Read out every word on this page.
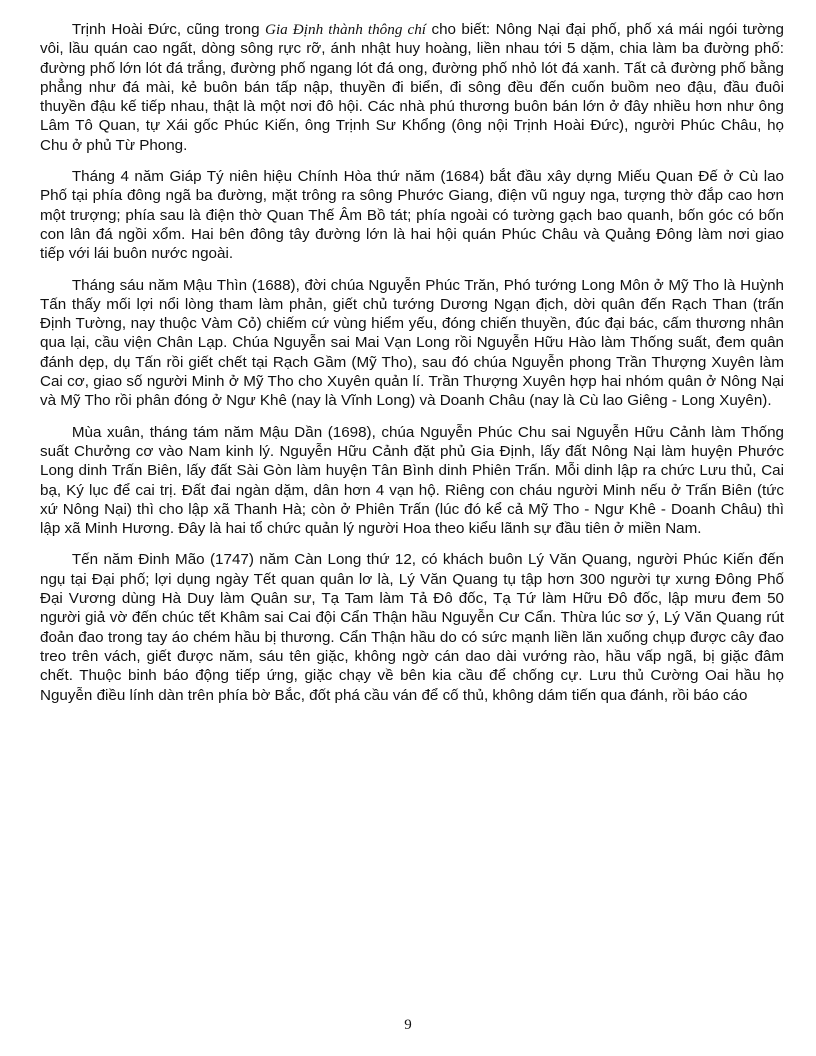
Trịnh Hoài Đức, cũng trong Gia Định thành thông chí cho biết: Nông Nại đại phố, phố xá mái ngói tường vôi, lầu quán cao ngất, dòng sông rực rỡ, ánh nhật huy hoàng, liền nhau tới 5 dặm, chia làm ba đường phố: đường phố lớn lót đá trắng, đường phố ngang lót đá ong, đường phố nhỏ lót đá xanh. Tất cả đường phố bằng phẳng như đá mài, kẻ buôn bán tấp nập, thuyền đi biển, đi sông đều đến cuốn buồm neo đậu, đầu đuôi thuyền đậu kế tiếp nhau, thật là một nơi đô hội. Các nhà phú thương buôn bán lớn ở đây nhiều hơn như ông Lâm Tô Quan, tự Xái gốc Phúc Kiến, ông Trịnh Sư Khổng (ông nội Trịnh Hoài Đức), người Phúc Châu, họ Chu ở phủ Từ Phong.

Tháng 4 năm Giáp Tý niên hiệu Chính Hòa thứ năm (1684) bắt đầu xây dựng Miếu Quan Đế ở Cù lao Phố tại phía đông ngã ba đường, mặt trông ra sông Phước Giang, điện vũ nguy nga, tượng thờ đắp cao hơn một trượng; phía sau là điện thờ Quan Thế Âm Bồ tát; phía ngoài có tường gạch bao quanh, bốn góc có bốn con lân đá ngồi xổm. Hai bên đông tây đường lớn là hai hội quán Phúc Châu và Quảng Đông làm nơi giao tiếp với lái buôn nước ngoài.

Tháng sáu năm Mậu Thìn (1688), đời chúa Nguyễn Phúc Trăn, Phó tướng Long Môn ở Mỹ Tho là Huỳnh Tấn thấy mối lợi nổi lòng tham làm phản, giết chủ tướng Dương Ngạn địch, dời quân đến Rạch Than (trấn Định Tường, nay thuộc Vàm Cỏ) chiếm cứ vùng hiểm yếu, đóng chiến thuyền, đúc đại bác, cấm thương nhân qua lại, cầu viện Chân Lạp. Chúa Nguyễn sai Mai Vạn Long rồi Nguyễn Hữu Hào làm Thống suất, đem quân đánh dẹp, dụ Tấn rồi giết chết tại Rạch Gầm (Mỹ Tho), sau đó chúa Nguyễn phong Trần Thượng Xuyên làm Cai cơ, giao số người Minh ở Mỹ Tho cho Xuyên quản lí. Trần Thượng Xuyên hợp hai nhóm quân ở Nông Nại và Mỹ Tho rồi phân đóng ở Ngư Khê (nay là Vĩnh Long) và Doanh Châu (nay là Cù lao Giêng - Long Xuyên).

Mùa xuân, tháng tám năm Mậu Dần (1698), chúa Nguyễn Phúc Chu sai Nguyễn Hữu Cảnh làm Thống suất Chưởng cơ vào Nam kinh lý. Nguyễn Hữu Cảnh đặt phủ Gia Định, lấy đất Nông Nại làm huyện Phước Long dinh Trấn Biên, lấy đất Sài Gòn làm huyện Tân Bình dinh Phiên Trấn. Mỗi dinh lập ra chức Lưu thủ, Cai bạ, Ký lục để cai trị. Đất đai ngàn dặm, dân hơn 4 vạn hộ. Riêng con cháu người Minh nếu ở Trấn Biên (tức xứ Nông Nại) thì cho lập xã Thanh Hà; còn ở Phiên Trấn (lúc đó kể cả Mỹ Tho - Ngư Khê - Doanh Châu) thì lập xã Minh Hương. Đây là hai tổ chức quản lý người Hoa theo kiểu lãnh sự đầu tiên ở miền Nam.

Tến năm Đinh Mão (1747) năm Càn Long thứ 12, có khách buôn Lý Văn Quang, người Phúc Kiến đến ngụ tại Đại phố; lợi dụng ngày Tết quan quân lơ là, Lý Văn Quang tụ tập hơn 300 người tự xưng Đông Phố Đại Vương dùng Hà Duy làm Quân sư, Tạ Tam làm Tả Đô đốc, Tạ Tứ làm Hữu Đô đốc, lập mưu đem 50 người giả vờ đến chúc tết Khâm sai Cai đội Cẩn Thận hầu Nguyễn Cư Cẩn. Thừa lúc sơ ý, Lý Văn Quang rút đoản đao trong tay áo chém hầu bị thương. Cẩn Thận hầu do có sức mạnh liền lăn xuống chụp được cây đao treo trên vách, giết được năm, sáu tên giặc, không ngờ cán dao dài vướng rào, hầu vấp ngã, bị giặc đâm chết. Thuộc binh báo động tiếp ứng, giặc chạy về bên kia cầu để chống cự. Lưu thủ Cường Oai hầu họ Nguyễn điều lính dàn trên phía bờ Bắc, đốt phá cầu ván để cố thủ, không dám tiến qua đánh, rồi báo cáo

9
